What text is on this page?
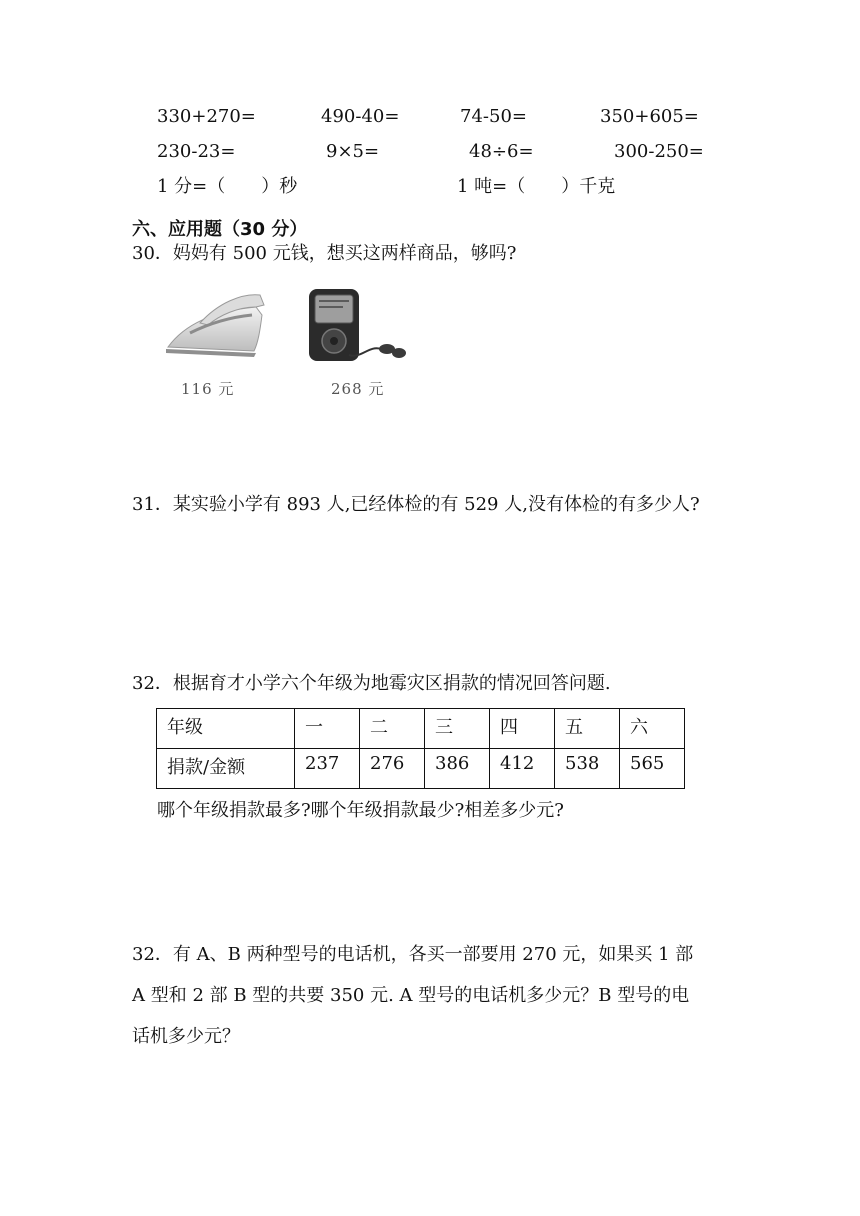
330+270=	490-40=	74-50=	350+605=
230-23=	9×5=	48÷6=	300-250=
1 分=（　　）秒	1 吨=（　　）千克
六、应用题（30 分）
30．妈妈有 500 元钱，想买这两样商品，够吗?
116 元	268 元
31．某实验小学有 893 人,已经体检的有 529 人,没有体检的有多少人?
32．根据育才小学六个年级为地霉灾区捐款的情况回答问题.
年级	一	二	三	四	五	六
捐款/金额	237	276	386	412	538	565
哪个年级捐款最多?哪个年级捐款最少?相差多少元?
32．有 A、B 两种型号的电话机，各买一部要用 270 元，如果买 1 部
A 型和 2 部 B 型的共要 350 元. A 型号的电话机多少元？B 型号的电
话机多少元？
